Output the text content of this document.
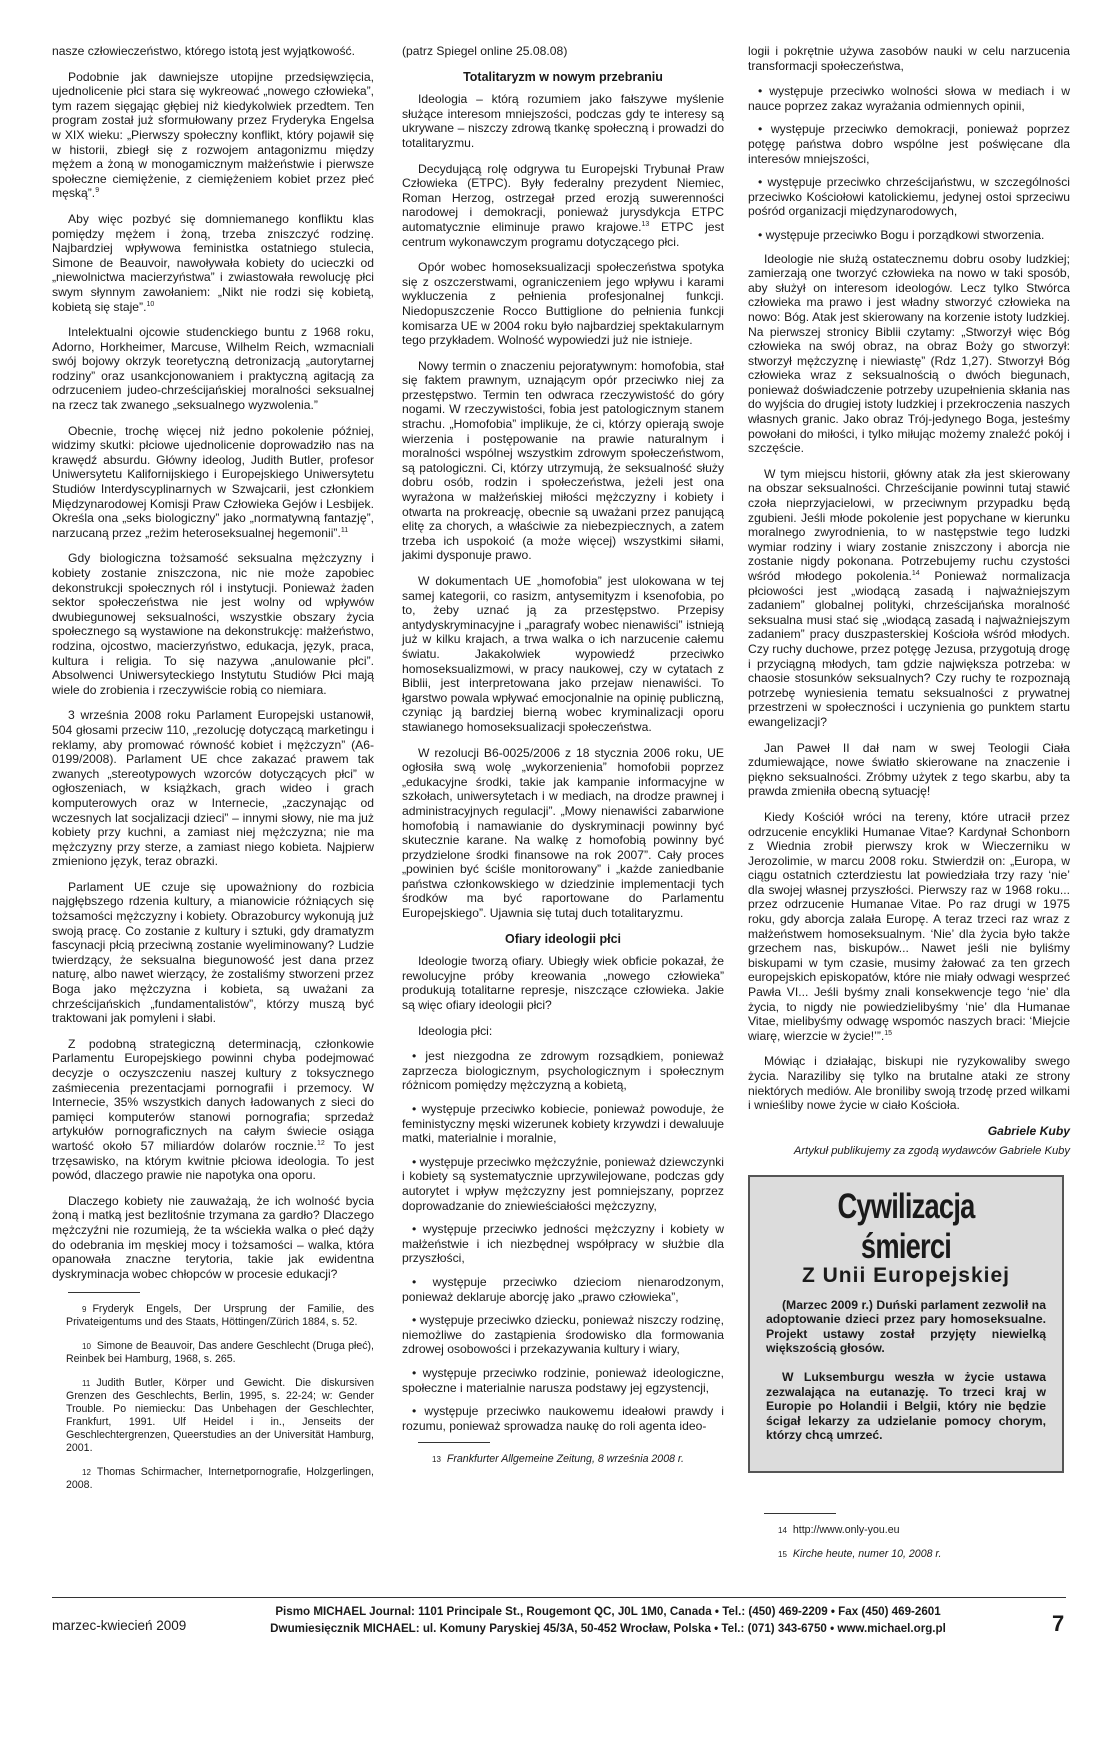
nasze człowieczeństwo, którego istotą jest wyjątkowość.

Podobnie jak dawniejsze utopijne przedsięwzięcia, ujednolicenie płci stara się wykreować „nowego człowieka”, tym razem sięgając głębiej niż kiedykolwiek przedtem. Ten program został już sformułowany przez Fryderyka Engelsa w XIX wieku: „Pierwszy społeczny konflikt, który pojawił się w historii, zbiegł się z rozwojem antagonizmu między mężem a żoną w monogamicznym małżeństwie i pierwsze społeczne ciemiężenie, z ciemiężeniem kobiet przez płeć męską”.$^9$

Aby więc pozbyć się domniemanego konfliktu klas pomiędzy mężem i żoną, trzeba zniszczyć rodzinę. Najbardziej wpływowa feministka ostatniego stulecia, Simone de Beauvoir, nawoływała kobiety do ucieczki od „niewolnictwa macierzyństwa” i zwiastowała rewolucję płci swym słynnym zawołaniem: „Nikt nie rodzi się kobietą, kobietą się staje”.$^{10}$

Intelektualni ojcowie studenckiego buntu z 1968 roku, Adorno, Horkheimer, Marcuse, Wilhelm Reich, wzmacniali swój bojowy okrzyk teoretyczną detronizacją „autorytarnej rodziny” oraz usankcjonowaniem i praktyczną agitacją za odrzuceniem judeo-chrześcijańskiej moralności seksualnej na rzecz tak zwanego „seksualnego wyzwolenia.”

Obecnie, trochę więcej niż jedno pokolenie później, widzimy skutki: płciowe ujednolicenie doprowadziło nas na krawędź absurdu. Główny ideolog, Judith Butler, profesor Uniwersytetu Kalifornijskiego i Europejskiego Uniwersytetu Studiów Interdyscyplinarnych w Szwajcarii, jest członkiem Międzynarodowej Komisji Praw Człowieka Gejów i Lesbijek. Określa ona „seks biologiczny” jako „normatywną fantazję”, narzucaną przez „reżim heteroseksualnej hegemonii”.$^{11}$

Gdy biologiczna tożsamość seksualna mężczyzny i kobiety zostanie zniszczona, nic nie może zapobiec dekonstrukcji społecznych ról i instytucji. Ponieważ żaden sektor społeczeństwa nie jest wolny od wpływów dwubiegunowej seksualności, wszystkie obszary życia społecznego są wystawione na dekonstrukcję: małżeństwo, rodzina, ojcostwo, macierzyństwo, edukacja, język, praca, kultura i religia. To się nazywa „anulowanie płci”. Absolwenci Uniwersyteckiego Instytutu Studiów Płci mają wiele do zrobienia i rzeczywiście robią co niemiara.

3 września 2008 roku Parlament Europejski ustanowił, 504 głosami przeciw 110, „rezolucję dotyczącą marketingu i reklamy, aby promować równość kobiet i mężczyzn” (A6-0199/2008). Parlament UE chce zakazać prawem tak zwanych „stereotypowych wzorców dotyczących płci” w ogłoszeniach, w książkach, grach wideo i grach komputerowych oraz w Internecie, „zaczynając od wczesnych lat socjalizacji dzieci” – innymi słowy, nie ma już kobiety przy kuchni, a zamiast niej mężczyzna; nie ma mężczyzny przy sterze, a zamiast niego kobieta. Najpierw zmieniono język, teraz obrazki.

Parlament UE czuje się upoważniony do rozbicia najgłębszego rdzenia kultury, a mianowicie różniących się tożsamości mężczyzny i kobiety. Obrazoburcy wykonują już swoją pracę. Co zostanie z kultury i sztuki, gdy dramatyzm fascynacji płcią przeciwną zostanie wyeliminowany? Ludzie twierdzący, że seksualna biegunowość jest dana przez naturę, albo nawet wierzący, że zostaliśmy stworzeni przez Boga jako mężczyzna i kobieta, są uważani za chrześcijańskich „fundamentalistów”, którzy muszą być traktowani jak pomyleni i słabi.

Z podobną strategiczną determinacją, członkowie Parlamentu Europejskiego powinni chyba podejmować decyzje o oczyszczeniu naszej kultury z toksycznego zaśmiecenia prezentacjami pornografii i przemocy. W Internecie, 35% wszystkich danych ładowanych z sieci do pamięci komputerów stanowi pornografia; sprzedaż artykułów pornograficznych na całym świecie osiąga wartość około 57 miliardów dolarów rocznie.$^{12}$ To jest trzęsawisko, na którym kwitnie płciowa ideologia. To jest powód, dlaczego prawie nie napotyka ona oporu.

Dlaczego kobiety nie zauważają, że ich wolność bycia żoną i matką jest bezlitośnie trzymana za gardło? Dlaczego mężczyźni nie rozumieją, że ta wściekła walka o płeć dąży do odebrania im męskiej mocy i tożsamości – walka, która opanowała znaczne terytoria, takie jak ewidentna dyskryminacja wobec chłopców w procesie edukacji?

$^9$ Fryderyk Engels, Der Ursprung der Familie, des Privateigentums und des Staats, Höttingen/Zürich 1884, s. 52.

$^{10}$ Simone de Beauvoir, Das andere Geschlecht (Druga płeć), Reinbek bei Hamburg, 1968, s. 265.

$^{11}$ Judith Butler, Körper und Gewicht. Die diskursiven Grenzen des Geschlechts, Berlin, 1995, s. 22-24; w: Gender Trouble. Po niemiecku: Das Unbehagen der Geschlechter, Frankfurt, 1991. Ulf Heidel i in., Jenseits der Geschlechtergrenzen, Queerstudies an der Universität Hamburg, 2001.

$^{12}$ Thomas Schirmacher, Internetpornografie, Holzgerlingen, 2008.

(patrz Spiegel online 25.08.08)

Totalitaryzm w nowym przebraniu

Ideologia – którą rozumiem jako fałszywe myślenie służące interesom mniejszości, podczas gdy te interesy są ukrywane – niszczy zdrową tkankę społeczną i prowadzi do totalitaryzmu.

Decydującą rolę odgrywa tu Europejski Trybunał Praw Człowieka (ETPC). Były federalny prezydent Niemiec, Roman Herzog, ostrzegał przed erozją suwerenności narodowej i demokracji, ponieważ jurysdykcja ETPC automatycznie eliminuje prawo krajowe.$^{13}$ ETPC jest centrum wykonawczym programu dotyczącego płci.

Opór wobec homoseksualizacji społeczeństwa spotyka się z oszczerstwami, ograniczeniem jego wpływu i karami wykluczenia z pełnienia profesjonalnej funkcji. Niedopuszczenie Rocco Buttiglione do pełnienia funkcji komisarza UE w 2004 roku było najbardziej spektakularnym tego przykładem. Wolność wypowiedzi już nie istnieje.

Nowy termin o znaczeniu pejoratywnym: homofobia, stał się faktem prawnym, uznającym opór przeciwko niej za przestępstwo. Termin ten odwraca rzeczywistość do góry nogami. W rzeczywistości, fobia jest patologicznym stanem strachu. „Homofobia” implikuje, że ci, którzy opierają swoje wierzenia i postępowanie na prawie naturalnym i moralności wspólnej wszystkim zdrowym społeczeństwom, są patologiczni. Ci, którzy utrzymują, że seksualność służy dobru osób, rodzin i społeczeństwa, jeżeli jest ona wyrażona w małżeńskiej miłości mężczyzny i kobiety i otwarta na prokreację, obecnie są uważani przez panującą elitę za chorych, a właściwie za niebezpiecznych, a zatem trzeba ich uspokoić (a może więcej) wszystkimi siłami, jakimi dysponuje prawo.

W dokumentach UE „homofobia” jest ulokowana w tej samej kategorii, co rasizm, antysemityzm i ksenofobia, po to, żeby uznać ją za przestępstwo. Przepisy antydyskryminacyjne i „paragrafy wobec nienawiści” istnieją już w kilku krajach, a trwa walka o ich narzucenie całemu światu. Jakakolwiek wypowiedź przeciwko homoseksualizmowi, w pracy naukowej, czy w cytatach z Biblii, jest interpretowana jako przejaw nienawiści. To łgarstwo powala wpływać emocjonalnie na opinię publiczną, czyniąc ją bardziej bierną wobec kryminalizacji oporu stawianego homoseksualizacji społeczeństwa.

W rezolucji B6-0025/2006 z 18 stycznia 2006 roku, UE ogłosiła swą wolę „wykorzenienia” homofobii poprzez „edukacyjne środki, takie jak kampanie informacyjne w szkołach, uniwersytetach i w mediach, na drodze prawnej i administracyjnych regulacji”. „Mowy nienawiści zabarwione homofobią i namawianie do dyskryminacji powinny być skutecznie karane. Na walkę z homofobią powinny być przydzielone środki finansowe na rok 2007”. Cały proces „powinien być ściśle monitorowany” i „każde zaniedbanie państwa członkowskiego w dziedzinie implementacji tych środków ma być raportowane do Parlamentu Europejskiego”. Ujawnia się tutaj duch totalitaryzmu.

Ofiary ideologii płci

Ideologie tworzą ofiary. Ubiegły wiek obficie pokazał, że rewolucyjne próby kreowania „nowego człowieka” produkują totalitarne represje, niszczące człowieka. Jakie są więc ofiary ideologii płci?

Ideologia płci:

• jest niezgodna ze zdrowym rozsądkiem, ponieważ zaprzecza biologicznym, psychologicznym i społecznym różnicom pomiędzy mężczyzną a kobietą,
• występuje przeciwko kobiecie, ponieważ powoduje, że feministyczny męski wizerunek kobiety krzywdzi i dewaluuje matki, materialnie i moralnie,
• występuje przeciwko mężczyźnie, ponieważ dziewczynki i kobiety są systematycznie uprzywilejowane, podczas gdy autorytet i wpływ mężczyzny jest pomniejszany, poprzez doprowadzanie do zniewieściałości mężczyzny,
• występuje przeciwko jedności mężczyzny i kobiety w małżeństwie i ich niezbędnej współpracy w służbie dla przyszłości,
• występuje przeciwko dzieciom nienarodzonym, ponieważ deklaruje aborcję jako „prawo człowieka”,
• występuje przeciwko dziecku, ponieważ niszczy rodzinę, niemożliwe do zastąpienia środowisko dla formowania zdrowej osobowości i przekazywania kultury i wiary,
• występuje przeciwko rodzinie, ponieważ ideologiczne, społeczne i materialnie narusza podstawy jej egzystencji,
• występuje przeciwko naukowemu ideałowi prawdy i rozumu, ponieważ sprowadza naukę do roli agenta ideo-

$^{13}$ Frankfurter Allgemeine Zeitung, 8 września 2008 r.

logii i pokrętnie używa zasobów nauki w celu narzucenia transformacji społeczeństwa,

• występuje przeciwko wolności słowa w mediach i w nauce poprzez zakaz wyrażania odmiennych opinii,
• występuje przeciwko demokracji, ponieważ poprzez potęgę państwa dobro wspólne jest poświęcane dla interesów mniejszości,
• występuje przeciwko chrześcijaństwu, w szczególności przeciwko Kościołowi katolickiemu, jedynej ostoi sprzeciwu pośród organizacji międzynarodowych,
• występuje przeciwko Bogu i porządkowi stworzenia.

Ideologie nie służą ostatecznemu dobru osoby ludzkiej; zamierzają one tworzyć człowieka na nowo w taki sposób, aby służył on interesom ideologów. Lecz tylko Stwórca człowieka ma prawo i jest władny stworzyć człowieka na nowo: Bóg. Atak jest skierowany na korzenie istoty ludzkiej. Na pierwszej stronicy Biblii czytamy: „Stworzył więc Bóg człowieka na swój obraz, na obraz Boży go stworzył: stworzył mężczyznę i niewiastę” (Rdz 1,27). Stworzył Bóg człowieka wraz z seksualnością o dwóch biegunach, ponieważ doświadczenie potrzeby uzupełnienia skłania nas do wyjścia do drugiej istoty ludzkiej i przekroczenia naszych własnych granic. Jako obraz Trój-jedynego Boga, jesteśmy powołani do miłości, i tylko miłując możemy znaleźć pokój i szczęście.

W tym miejscu historii, główny atak zła jest skierowany na obszar seksualności. Chrześcijanie powinni tutaj stawić czoła nieprzyjacielowi, w przeciwnym przypadku będą zgubieni. Jeśli młode pokolenie jest popychane w kierunku moralnego zwyrodnienia, to w następstwie tego ludzki wymiar rodziny i wiary zostanie zniszczony i aborcja nie zostanie nigdy pokonana. Potrzebujemy ruchu czystości wśród młodego pokolenia.$^{14}$ Ponieważ normalizacja płciowości jest „wiodącą zasadą i najważniejszym zadaniem” globalnej polityki, chrześcijańska moralność seksualna musi stać się „wiodącą zasadą i najważniejszym zadaniem” pracy duszpasterskiej Kościoła wśród młodych. Czy ruchy duchowe, przez potęgę Jezusa, przygotują drogę i przyciągną młodych, tam gdzie największa potrzeba: w chaosie stosunków seksualnych? Czy ruchy te rozpoznają potrzebę wyniesienia tematu seksualności z prywatnej przestrzeni w społeczności i uczynienia go punktem startu ewangelizacji?

Jan Paweł II dał nam w swej Teologii Ciała zdumiewające, nowe światło skierowane na znaczenie i piękno seksualności. Zróbmy użytek z tego skarbu, aby ta prawda zmieniła obecną sytuację!

Kiedy Kościół wróci na tereny, które utracił przez odrzucenie encykliki Humanae Vitae? Kardynał Schonborn z Wiednia zrobił pierwszy krok w Wieczerniku w Jerozolimie, w marcu 2008 roku. Stwierdził on: „Europa, w ciągu ostatnich czterdziestu lat powiedziała trzy razy ‘nie’ dla swojej własnej przyszłości. Pierwszy raz w 1968 roku... przez odrzucenie Humanae Vitae. Po raz drugi w 1975 roku, gdy aborcja zalała Europę. A teraz trzeci raz wraz z małżeństwem homoseksualnym. ‘Nie’ dla życia było także grzechem nas, biskupów... Nawet jeśli nie byliśmy biskupami w tym czasie, musimy żałować za ten grzech europejskich episkopatów, które nie miały odwagi wesprzeć Pawła VI... Jeśli byśmy znali konsekwencje tego ‘nie’ dla życia, to nigdy nie powiedzielibyśmy ‘nie’ dla Humanae Vitae, mielibyśmy odwagę wspomóc naszych braci: ‘Miejcie wiarę, wierzcie w życie!’”.$^{15}$

Mówiąc i działając, biskupi nie ryzykowaliby swego życia. Naraziliby się tylko na brutalne ataki ze strony niektórych mediów. Ale broniliby swoją trzodę przed wilkami i wnieśliby nowe życie w ciało Kościoła.

Gabriele Kuby
Artykuł publikujemy za zgodą wydawców Gabriele Kuby
Cywilizacja śmierci
Z Unii Europejskiej

(Marzec 2009 r.) Duński parlament zezwolił na adoptowanie dzieci przez pary homoseksualne. Projekt ustawy został przyjęty niewielką większością głosów.

W Luksemburgu weszła w życie ustawa zezwalająca na eutanazję. To trzeci kraj w Europie po Holandii i Belgii, który nie będzie ścigał lekarzy za udzielanie pomocy chorym, którzy chcą umrzeć.

$^{14}$ http://www.only-you.eu

$^{15}$ Kirche heute, numer 10, 2008 r.

marzec-kwiecień 2009
Pismo MICHAEL Journal: 1101 Principale St., Rougemont QC, J0L 1M0, Canada • Tel.: (450) 469-2209 • Fax (450) 469-2601
Dwumiesięcznik MICHAEL: ul. Komuny Paryskiej 45/3A, 50-452 Wrocław, Polska • Tel.: (071) 343-6750 • www.michael.org.pl	7
